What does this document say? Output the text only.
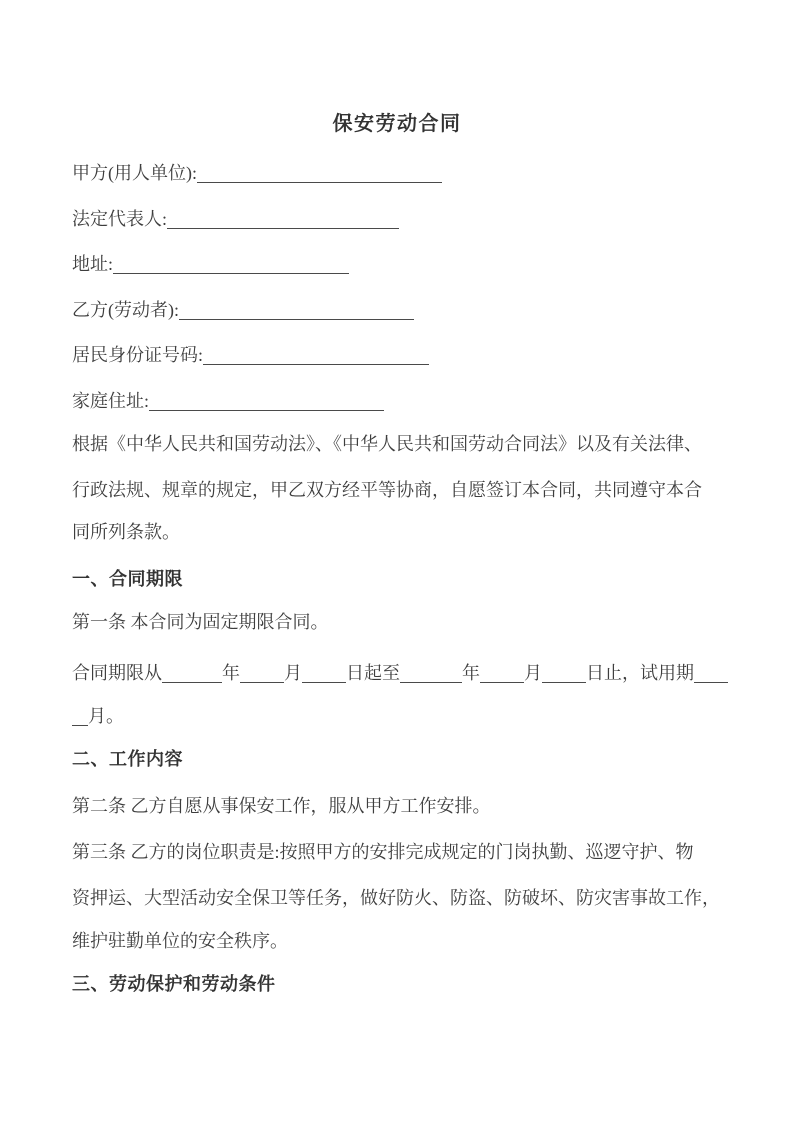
保安劳动合同
甲方(用人单位):
法定代表人:
地址:
乙方(劳动者):
居民身份证号码:
家庭住址:
根据《中华人民共和国劳动法》、《中华人民共和国劳动合同法》以及有关法律、
行政法规、规章的规定，甲乙双方经平等协商，自愿签订本合同，共同遵守本合
同所列条款。
一、合同期限
第一条 本合同为固定期限合同。
合同期限从	年 月 日起至	年 月 日止，试用期
月。
二、工作内容
第二条 乙方自愿从事保安工作，服从甲方工作安排。
第三条 乙方的岗位职责是:按照甲方的安排完成规定的门岗执勤、巡逻守护、物
资押运、大型活动安全保卫等任务，做好防火、防盗、防破坏、防灾害事故工作，
维护驻勤单位的安全秩序。
三、劳动保护和劳动条件
